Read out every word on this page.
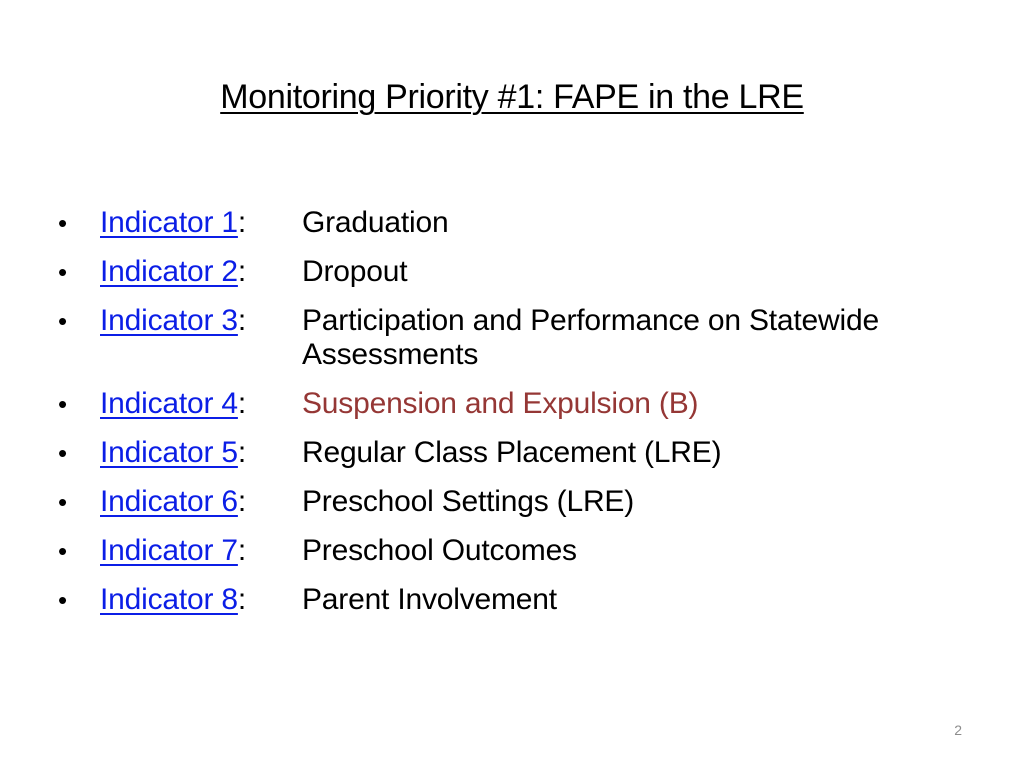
Monitoring Priority #1: FAPE in the LRE
•	Indicator 1 : Graduation
•	Indicator 2 : Dropout
•	Indicator 3 : Participation and Performance on Statewide Assessments
•	Indicator 4 : Suspension and Expulsion (B)
•	Indicator 5 : Regular Class Placement (LRE)
•	Indicator 6 : Preschool Settings (LRE)
•	Indicator 7 : Preschool Outcomes
•	Indicator 8 : Parent Involvement
2
